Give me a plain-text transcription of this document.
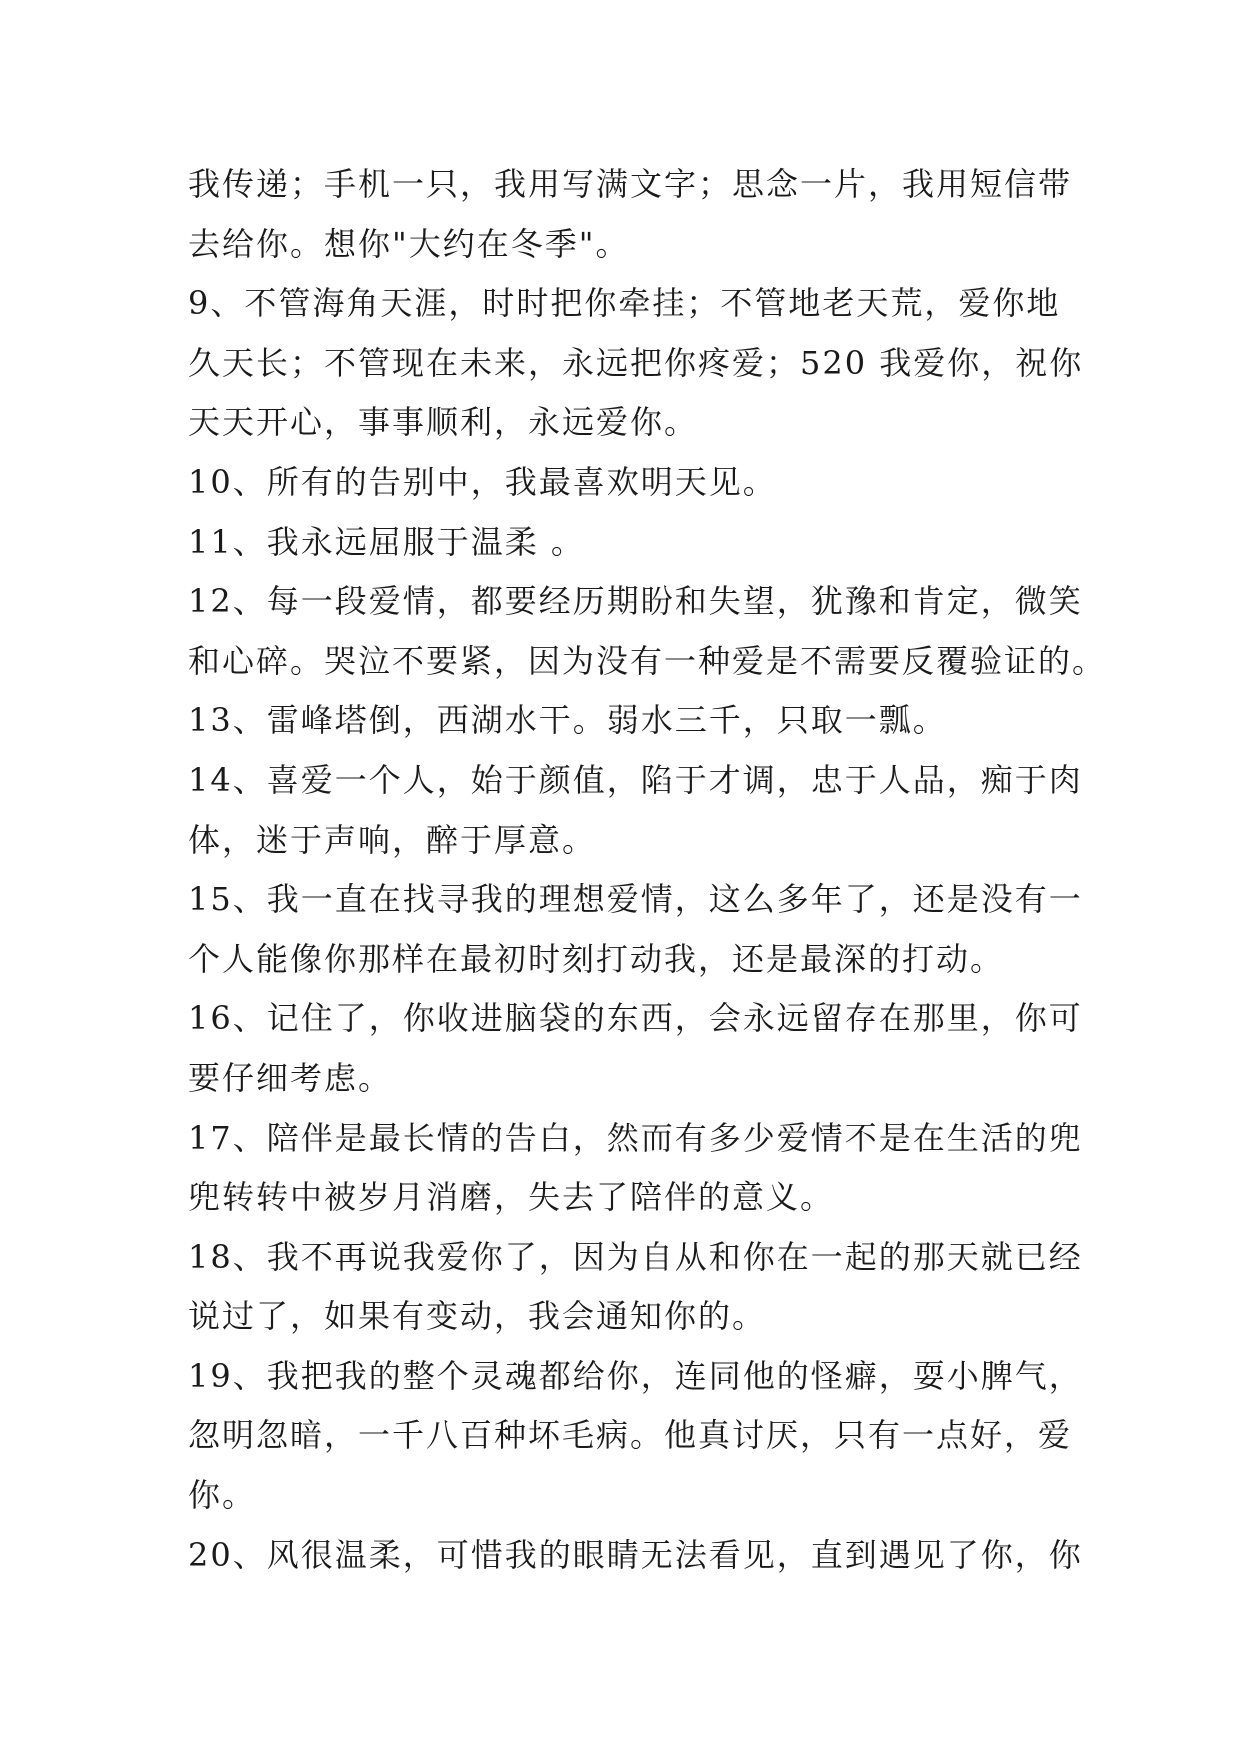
我传递；手机一只，我用写满文字；思念一片，我用短信带
去给你。想你"大约在冬季"。
9、不管海角天涯，时时把你牵挂；不管地老天荒，爱你地
久天长；不管现在未来，永远把你疼爱；520 我爱你，祝你
天天开心，事事顺利，永远爱你。
10、所有的告别中，我最喜欢明天见。
11、我永远屈服于温柔 。
12、每一段爱情，都要经历期盼和失望，犹豫和肯定，微笑
和心碎。哭泣不要紧，因为没有一种爱是不需要反覆验证的。
13、雷峰塔倒，西湖水干。弱水三千，只取一瓢。
14、喜爱一个人，始于颜值，陷于才调，忠于人品，痴于肉
体，迷于声响，醉于厚意。
15、我一直在找寻我的理想爱情，这么多年了，还是没有一
个人能像你那样在最初时刻打动我，还是最深的打动。
16、记住了，你收进脑袋的东西，会永远留存在那里，你可
要仔细考虑。
17、陪伴是最长情的告白，然而有多少爱情不是在生活的兜
兜转转中被岁月消磨，失去了陪伴的意义。
18、我不再说我爱你了，因为自从和你在一起的那天就已经
说过了，如果有变动，我会通知你的。
19、我把我的整个灵魂都给你，连同他的怪癖，耍小脾气，
忽明忽暗，一千八百种坏毛病。他真讨厌，只有一点好，爱
你。
20、风很温柔，可惜我的眼睛无法看见，直到遇见了你，你
